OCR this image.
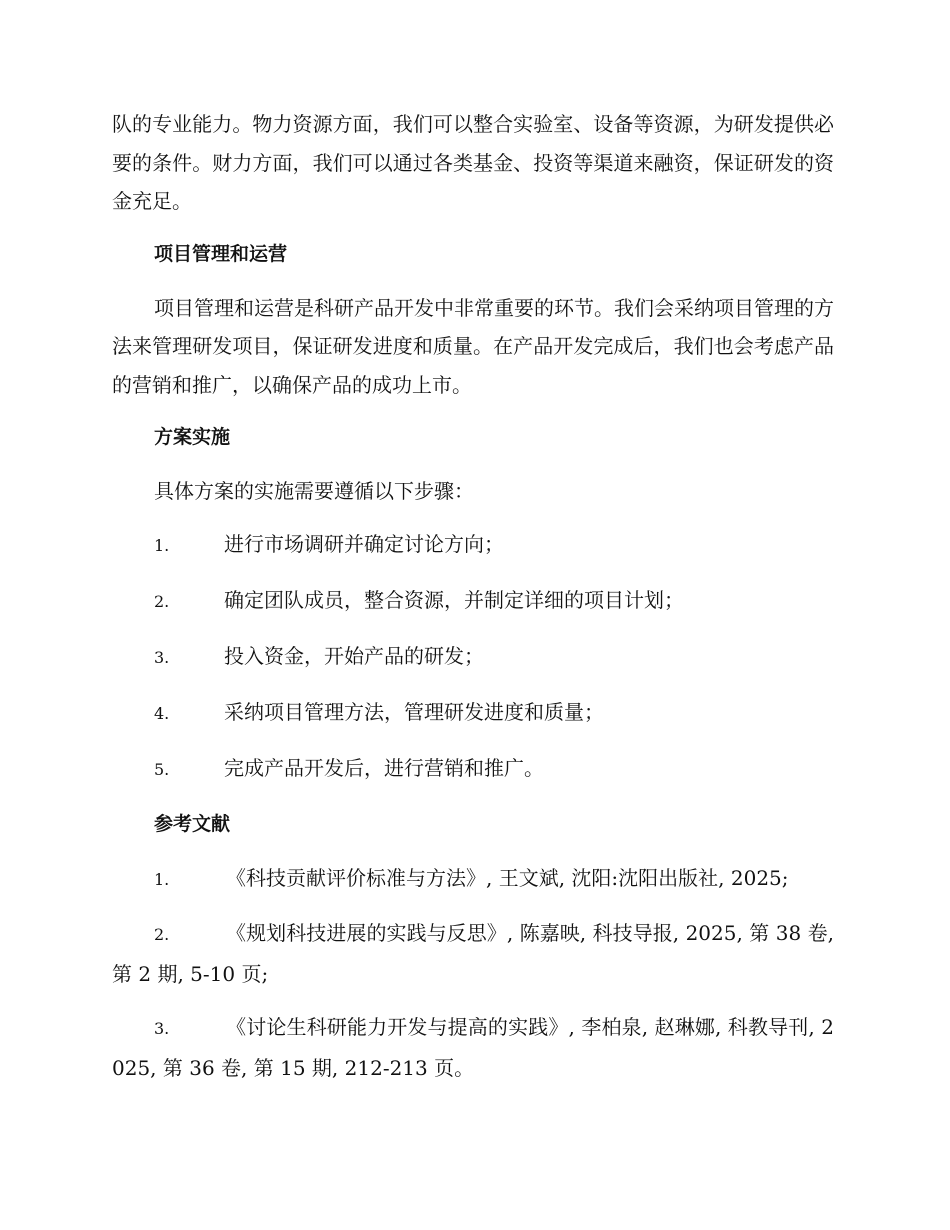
队的专业能力。物力资源方面，我们可以整合实验室、设备等资源，为研发提供必要的条件。财力方面，我们可以通过各类基金、投资等渠道来融资，保证研发的资金充足。

项目管理和运营

项目管理和运营是科研产品开发中非常重要的环节。我们会采纳项目管理的方法来管理研发项目，保证研发进度和质量。在产品开发完成后，我们也会考虑产品的营销和推广，以确保产品的成功上市。

方案实施

具体方案的实施需要遵循以下步骤：

1.	进行市场调研并确定讨论方向；
2.	确定团队成员，整合资源，并制定详细的项目计划；
3.	投入资金，开始产品的研发；
4.	采纳项目管理方法，管理研发进度和质量；
5.	完成产品开发后，进行营销和推广。
参考文献

1.	《科技贡献评价标准与方法》, 王文斌, 沈阳:沈阳出版社, 2025;

2.	《规划科技进展的实践与反思》, 陈嘉映, 科技导报, 2025, 第 38 卷, 第 2 期, 5-10 页;

3.	《讨论生科研能力开发与提高的实践》, 李柏泉, 赵琳娜, 科教导刊, 2025, 第 36 卷, 第 15 期, 212-213 页。
